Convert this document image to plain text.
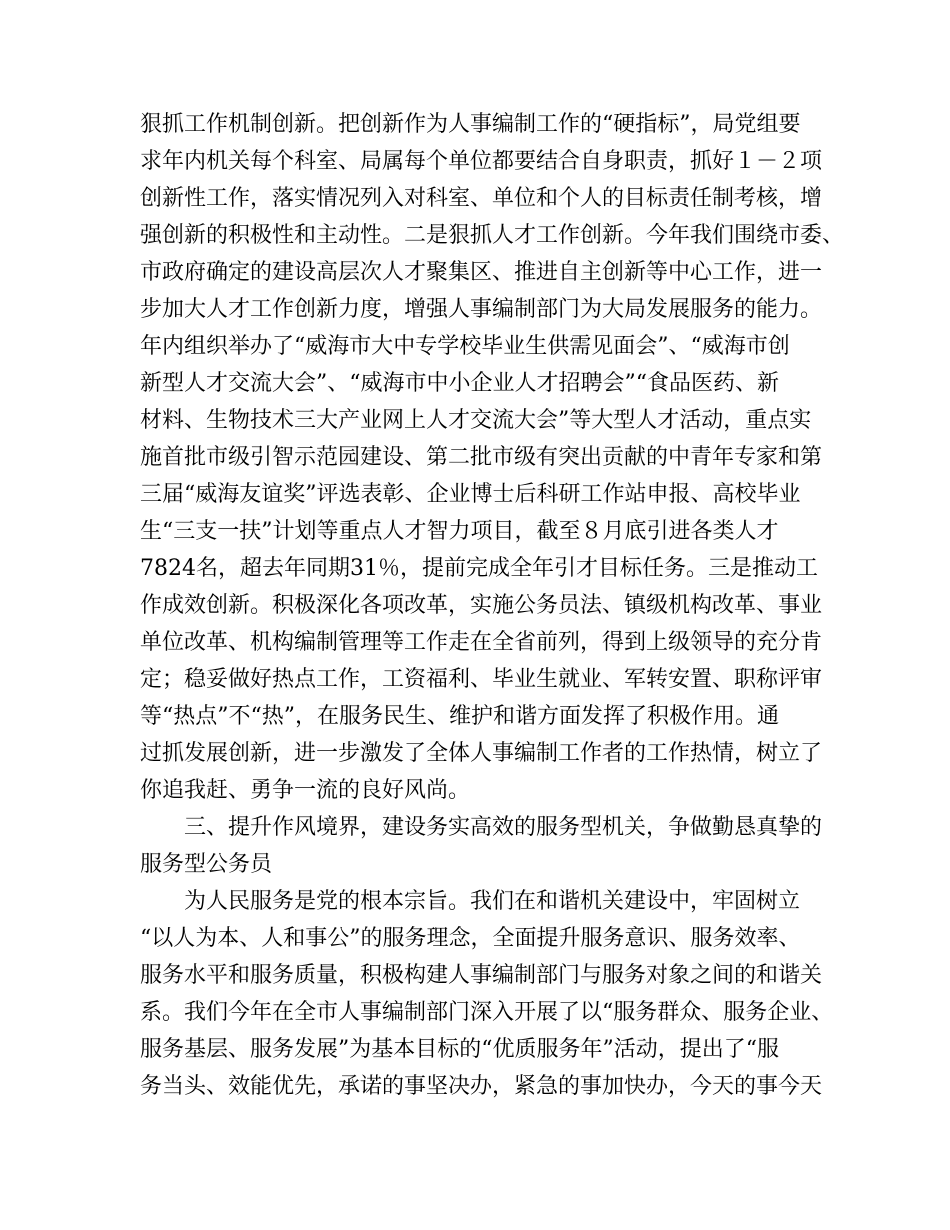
狠抓工作机制创新。把创新作为人事编制工作的“硬指标”，局党组要
求年内机关每个科室、局属每个单位都要结合自身职责，抓好１－２项
创新性工作，落实情况列入对科室、单位和个人的目标责任制考核，增
强创新的积极性和主动性。二是狠抓人才工作创新。今年我们围绕市委、
市政府确定的建设高层次人才聚集区、推进自主创新等中心工作，进一
步加大人才工作创新力度，增强人事编制部门为大局发展服务的能力。
年内组织举办了“威海市大中专学校毕业生供需见面会”、“威海市创
新型人才交流大会”、“威海市中小企业人才招聘会”“食品医药、新
材料、生物技术三大产业网上人才交流大会”等大型人才活动，重点实
施首批市级引智示范园建设、第二批市级有突出贡献的中青年专家和第
三届“威海友谊奖”评选表彰、企业博士后科研工作站申报、高校毕业
生“三支一扶”计划等重点人才智力项目，截至８月底引进各类人才
7824名，超去年同期31％，提前完成全年引才目标任务。三是推动工
作成效创新。积极深化各项改革，实施公务员法、镇级机构改革、事业
单位改革、机构编制管理等工作走在全省前列，得到上级领导的充分肯
定；稳妥做好热点工作，工资福利、毕业生就业、军转安置、职称评审
等“热点”不“热”，在服务民生、维护和谐方面发挥了积极作用。通
过抓发展创新，进一步激发了全体人事编制工作者的工作热情，树立了
你追我赶、勇争一流的良好风尚。
三、提升作风境界，建设务实高效的服务型机关，争做勤恳真挚的
服务型公务员
为人民服务是党的根本宗旨。我们在和谐机关建设中，牢固树立
“以人为本、人和事公”的服务理念，全面提升服务意识、服务效率、
服务水平和服务质量，积极构建人事编制部门与服务对象之间的和谐关
系。我们今年在全市人事编制部门深入开展了以“服务群众、服务企业、
服务基层、服务发展”为基本目标的“优质服务年”活动，提出了“服
务当头、效能优先，承诺的事坚决办，紧急的事加快办，今天的事今天
